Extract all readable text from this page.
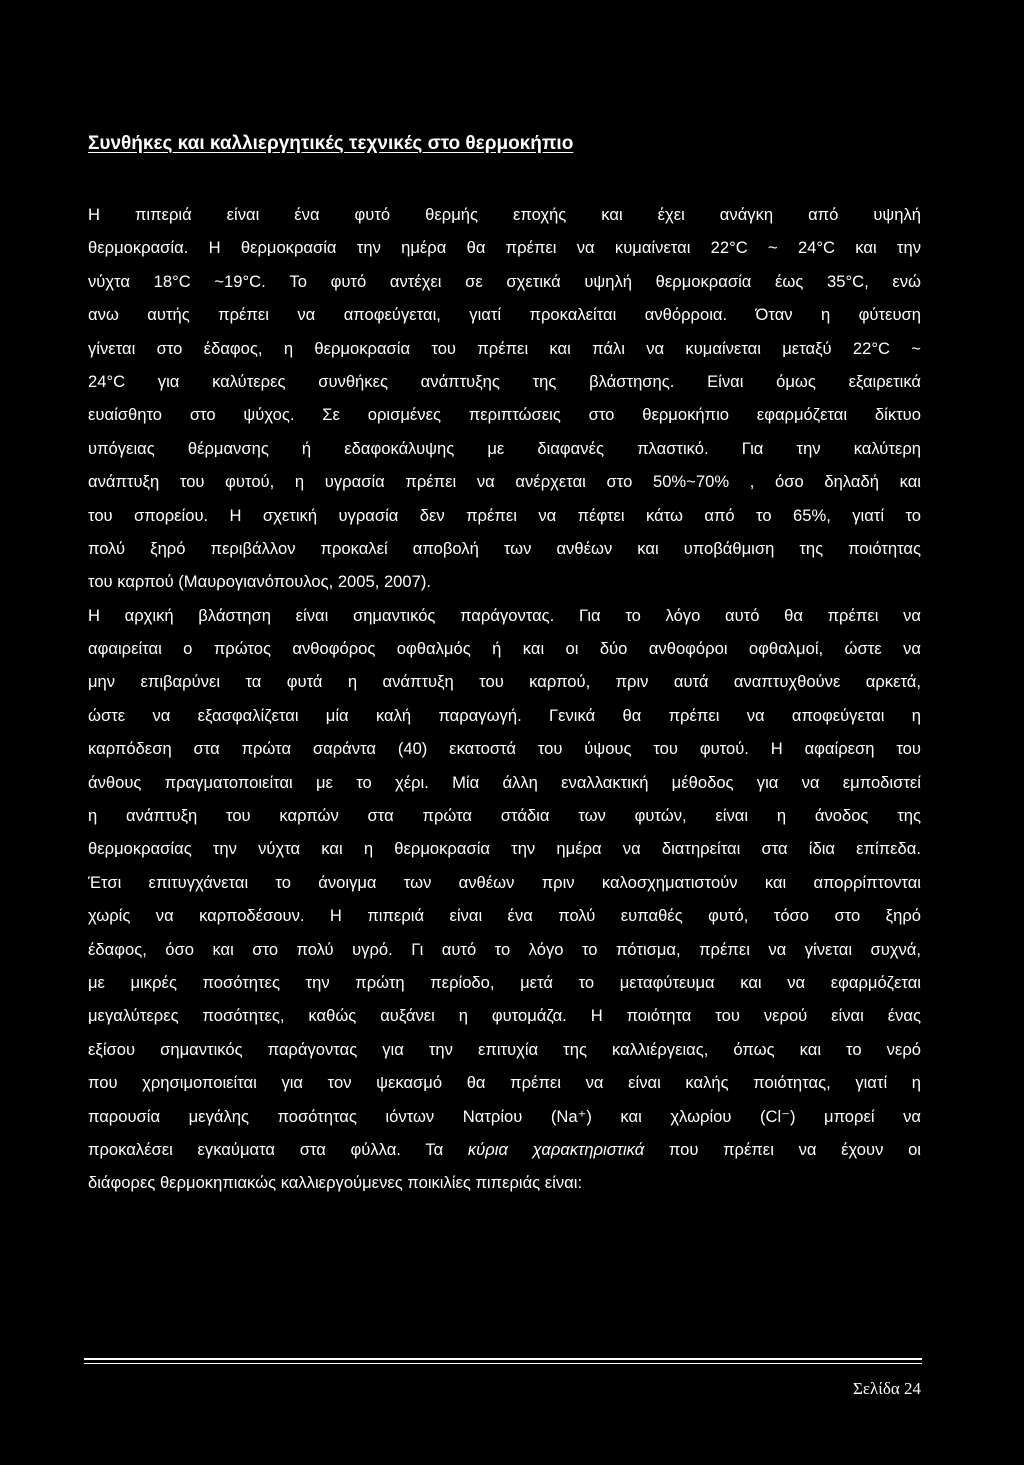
Συνθήκες και καλλιεργητικές τεχνικές στο θερμοκήπιο
Η πιπεριά είναι ένα φυτό θερμής εποχής και έχει ανάγκη από υψηλή
θερμοκρασία. Η θερμοκρασία την ημέρα θα πρέπει να κυμαίνεται 22°C ~ 24°C και την
νύχτα 18°C ~19°C. Το φυτό αντέχει σε σχετικά υψηλή θερμοκρασία έως 35°C, ενώ
ανω αυτής πρέπει να αποφεύγεται, γιατί προκαλείται ανθόρροια. Όταν η φύτευση
γίνεται στο έδαφος, η θερμοκρασία του πρέπει και πάλι να κυμαίνεται μεταξύ 22°C ~
24°C για καλύτερες συνθήκες ανάπτυξης της βλάστησης. Είναι όμως εξαιρετικά
ευαίσθητο στο ψύχος. Σε ορισμένες περιπτώσεις στο θερμοκήπιο εφαρμόζεται δίκτυο
υπόγειας θέρμανσης ή εδαφοκάλυψης με διαφανές πλαστικό. Για την καλύτερη
ανάπτυξη του φυτού, η υγρασία πρέπει να ανέρχεται στο 50%~70% , όσο δηλαδή και
του σπορείου. Η σχετική υγρασία δεν πρέπει να πέφτει κάτω από το 65%, γιατί το
πολύ ξηρό περιβάλλον προκαλεί αποβολή των ανθέων και υποβάθμιση της ποιότητας
του καρπού (Μαυρογιανόπουλος, 2005, 2007).
Η αρχική βλάστηση είναι σημαντικός παράγοντας. Για το λόγο αυτό θα πρέπει να
αφαιρείται ο πρώτος ανθοφόρος οφθαλμός ή και οι δύο ανθοφόροι οφθαλμοί, ώστε να
μην επιβαρύνει τα φυτά η ανάπτυξη του καρπού, πριν αυτά αναπτυχθούνε αρκετά,
ώστε να εξασφαλίζεται μία καλή παραγωγή. Γενικά θα πρέπει να αποφεύγεται η
καρπόδεση στα πρώτα σαράντα (40) εκατοστά του ύψους του φυτού. Η αφαίρεση του
άνθους πραγματοποιείται με το χέρι. Μία άλλη εναλλακτική μέθοδος για να εμποδιστεί
η ανάπτυξη του καρπών στα πρώτα στάδια των φυτών, είναι η άνοδος της
θερμοκρασίας την νύχτα και η θερμοκρασία την ημέρα να διατηρείται στα ίδια επίπεδα.
Έτσι επιτυγχάνεται το άνοιγμα των ανθέων πριν καλοσχηματιστούν και απορρίπτονται
χωρίς να καρποδέσουν. Η πιπεριά είναι ένα πολύ ευπαθές φυτό, τόσο στο ξηρό
έδαφος, όσο και στο πολύ υγρό. Γι αυτό το λόγο το πότισμα, πρέπει να γίνεται συχνά,
με μικρές ποσότητες την πρώτη περίοδο, μετά το μεταφύτευμα και να εφαρμόζεται
μεγαλύτερες ποσότητες, καθώς αυξάνει η φυτομάζα. Η ποιότητα του νερού είναι ένας
εξίσου σημαντικός παράγοντας για την επιτυχία της καλλιέργειας, όπως και το νερό
που χρησιμοποιείται για τον ψεκασμό θα πρέπει να είναι καλής ποιότητας, γιατί η
παρουσία μεγάλης ποσότητας ιόντων Νατρίου (Na⁺) και χλωρίου (Cl⁻) μπορεί να
προκαλέσει εγκαύματα στα φύλλα. Τα κύρια χαρακτηριστικά που πρέπει να έχουν οι
διάφορες θερμοκηπιακώς καλλιεργούμενες ποικιλίες πιπεριάς είναι:
Σελίδα 24
